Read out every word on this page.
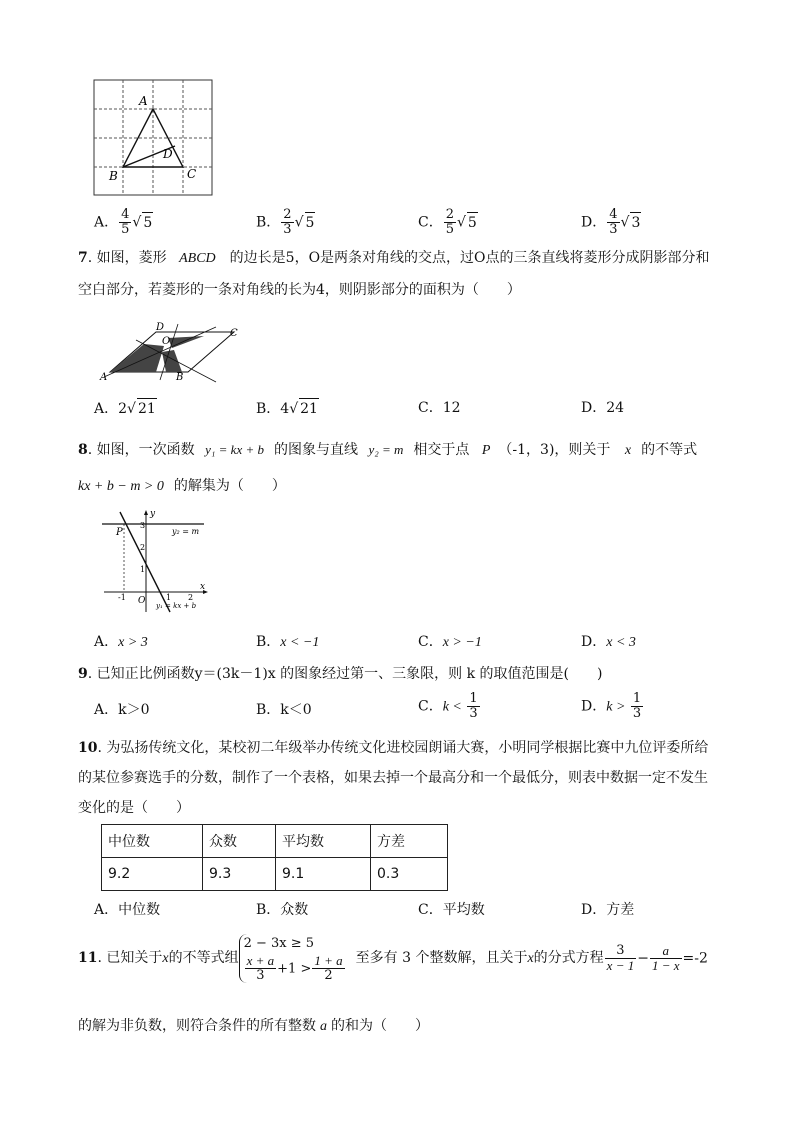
A
B	C
D
A． $\frac{4}{5}$ √ 5	B． $\frac{2}{3}$ √ 5	C． $\frac{2}{5}$ √ 5	D． $\frac{4}{3}$ √ 3
7. 如图，菱形 ABCD 的边长是5，O是两条对角线的交点，过O点的三条直线将菱形分成阴影部分和
空白部分，若菱形的一条对角线的长为4，则阴影部分的面积为（　　）
D
O
C
A	B
A．2√ 21	B．4√ 21	C．12	D．24
8. 如图，一次函数 y₁ = kx + b 的图象与直线 y₂ = m 相交于点 P （-1，3)，则关于 x 的不等式
kx + b − m > 0 的解集为（　　）
y
x
P
O
3
2
1
-1	1 2
y₂ = m
y₁ = kx + b
A．x > 3	B．x < −1	C．x > −1	D．x < 3
9. 已知正比例函数y＝(3k－1)x 的图象经过第一、三象限，则 k 的取值范围是(　　)
A．k＞0	B．k＜0	C．$k < \frac{1}{3}$	D．$k > \frac{1}{3}$
10. 为弘扬传统文化，某校初二年级举办传统文化进校园朗诵大赛，小明同学根据比赛中九位评委所给
的某位参赛选手的分数，制作了一个表格，如果去掉一个最高分和一个最低分，则表中数据一定不发生
变化的是（　　）
中位数	众数	平均数	方差
9.2	9.3	9.1	0.3
A．中位数	B．众数	C．平均数	D．方差
11. 已知关于x的不等式组
2 − 3x ≥ 5
$\frac{x + a}{3} +1 > \frac{1 + a}{2}$ 至多有 3 个整数解，且关于x的分式方程 $\frac{3}{x - 1} - \frac{a}{1 - x} =-2$
的解为非负数，则符合条件的所有整数 a 的和为（　　）
